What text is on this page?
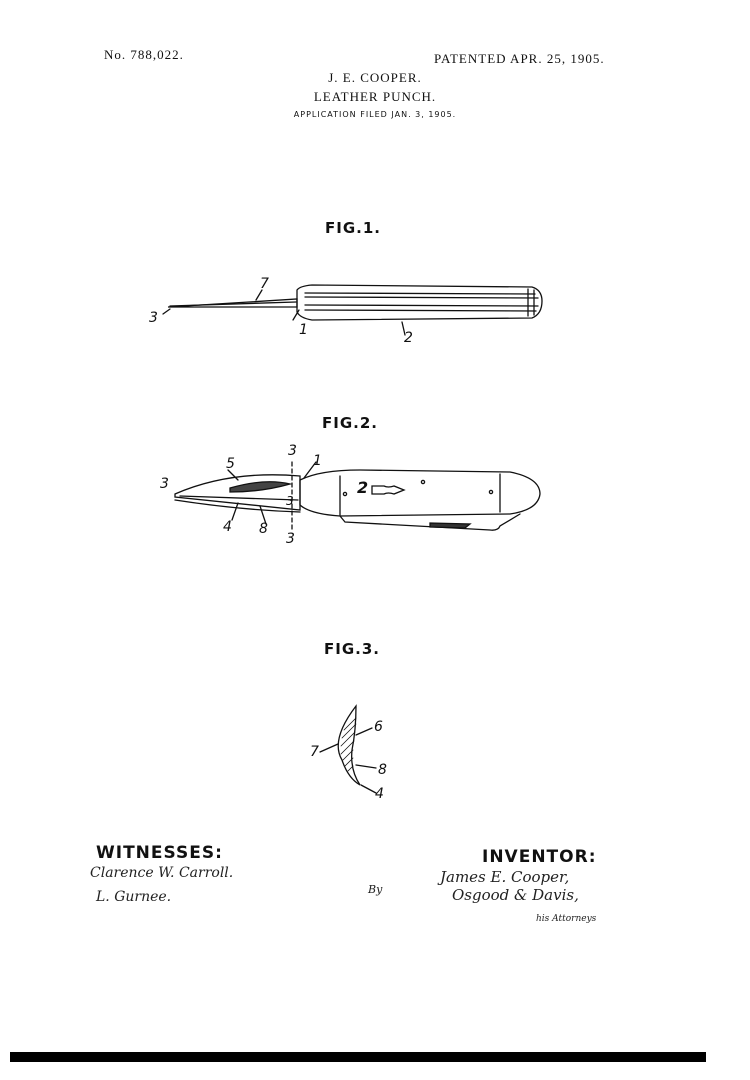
No. 788,022.	PATENTED APR. 25, 1905.
J. E. COOPER.
LEATHER PUNCH.
APPLICATION FILED JAN. 3, 1905.
FIG.1.
FIG.2.
FIG.3.
7
3
1	2
3
5
3
1
2
3
4 8
3
6
7
8
4
WITNESSES:
Clarence W. Carroll.
L. Gurnee.	By
INVENTOR:
James E. Cooper,
Osgood & Davis,
his Attorneys
